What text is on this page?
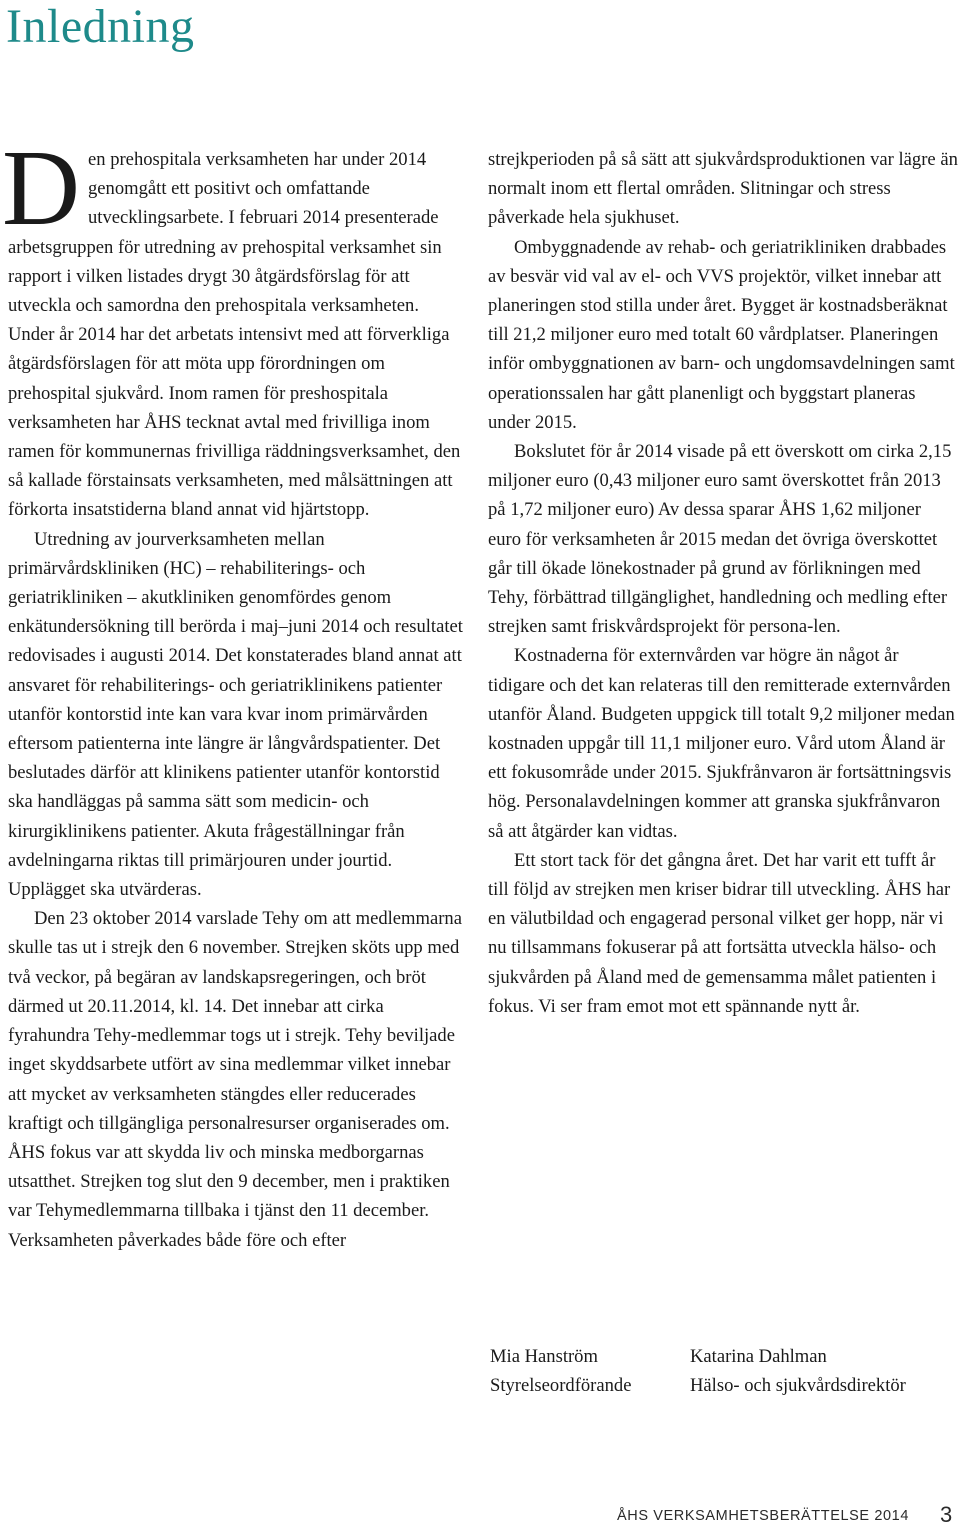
Inledning

Den prehospitala verksamheten har under 2014 genomgått ett positivt och omfattande utvecklingsarbete. I februari 2014 presenterade arbetsgruppen för utredning av prehospital verksamhet sin rapport i vilken listades drygt 30 åtgärdsförslag för att utveckla och samordna den prehospitala verksamheten. Under år 2014 har det arbetats intensivt med att förverkliga åtgärdsförslagen för att möta upp förordningen om prehospital sjukvård. Inom ramen för preshospitala verksamheten har ÅHS tecknat avtal med frivilliga inom ramen för kommunernas frivilliga räddningsverksamhet, den så kallade förstainsats verksamheten, med målsättningen att förkorta insatstiderna bland annat vid hjärtstopp.

Utredning av jourverksamheten mellan primärvårdskliniken (HC) – rehabiliterings- och geriatrikliniken – akutkliniken genomfördes genom enkätundersökning till berörda i maj–juni 2014 och resultatet redovisades i augusti 2014. Det konstaterades bland annat att ansvaret för rehabiliterings- och geriatriklinikens patienter utanför kontorstid inte kan vara kvar inom primärvården eftersom patienterna inte längre är långvårdspatienter. Det beslutades därför att klinikens patienter utanför kontorstid ska handläggas på samma sätt som medicin- och kirurgiklinikens patienter. Akuta frågeställningar från avdelningarna riktas till primärjouren under jourtid. Upplägget ska utvärderas.

Den 23 oktober 2014 varslade Tehy om att medlemmarna skulle tas ut i strejk den 6 november. Strejken sköts upp med två veckor, på begäran av landskapsregeringen, och bröt därmed ut 20.11.2014, kl. 14. Det innebar att cirka fyrahundra Tehy-medlemmar togs ut i strejk. Tehy beviljade inget skyddsarbete utfört av sina medlemmar vilket innebar att mycket av verksamheten stängdes eller reducerades kraftigt och tillgängliga personalresurser organiserades om. ÅHS fokus var att skydda liv och minska medborgarnas utsatthet. Strejken tog slut den 9 december, men i praktiken var Tehymedlemmarna tillbaka i tjänst den 11 december. Verksamheten påverkades både före och efter

strejkperioden på så sätt att sjukvårdsproduktionen var lägre än normalt inom ett flertal områden. Slitningar och stress påverkade hela sjukhuset.

Ombyggnadende av rehab- och geriatrikliniken drabbades av besvär vid val av el- och VVS projektör, vilket innebar att planeringen stod stilla under året. Bygget är kostnadsberäknat till 21,2 miljoner euro med totalt 60 vårdplatser. Planeringen inför ombyggnationen av barn- och ungdomsavdelningen samt operationssalen har gått planenligt och byggstart planeras under 2015.

Bokslutet för år 2014 visade på ett överskott om cirka 2,15 miljoner euro (0,43 miljoner euro samt överskottet från 2013 på 1,72 miljoner euro) Av dessa sparar ÅHS 1,62 miljoner euro för verksamheten år 2015 medan det övriga överskottet går till ökade lönekostnader på grund av förlikningen med Tehy, förbättrad tillgänglighet, handledning och medling efter strejken samt friskvårdsprojekt för persona-len.

Kostnaderna för externvården var högre än något år tidigare och det kan relateras till den remitterade externvården utanför Åland. Budgeten uppgick till totalt 9,2 miljoner medan kostnaden uppgår till 11,1 miljoner euro. Vård utom Åland är ett fokusområde under 2015. Sjukfrånvaron är fortsättningsvis hög. Personalavdelningen kommer att granska sjukfrånvaron så att åtgärder kan vidtas.

Ett stort tack för det gångna året. Det har varit ett tufft år till följd av strejken men kriser bidrar till utveckling. ÅHS har en välutbildad och engagerad personal vilket ger hopp, när vi nu tillsammans fokuserar på att fortsätta utveckla hälso- och sjukvården på Åland med de gemensamma målet patienten i fokus. Vi ser fram emot mot ett spännande nytt år.

Mia Hanström
Styrelseordförande
Katarina Dahlman
Hälso- och sjukvårdsdirektör
ÅHS VERKSAMHETSBERÄTTELSE 2014 3
